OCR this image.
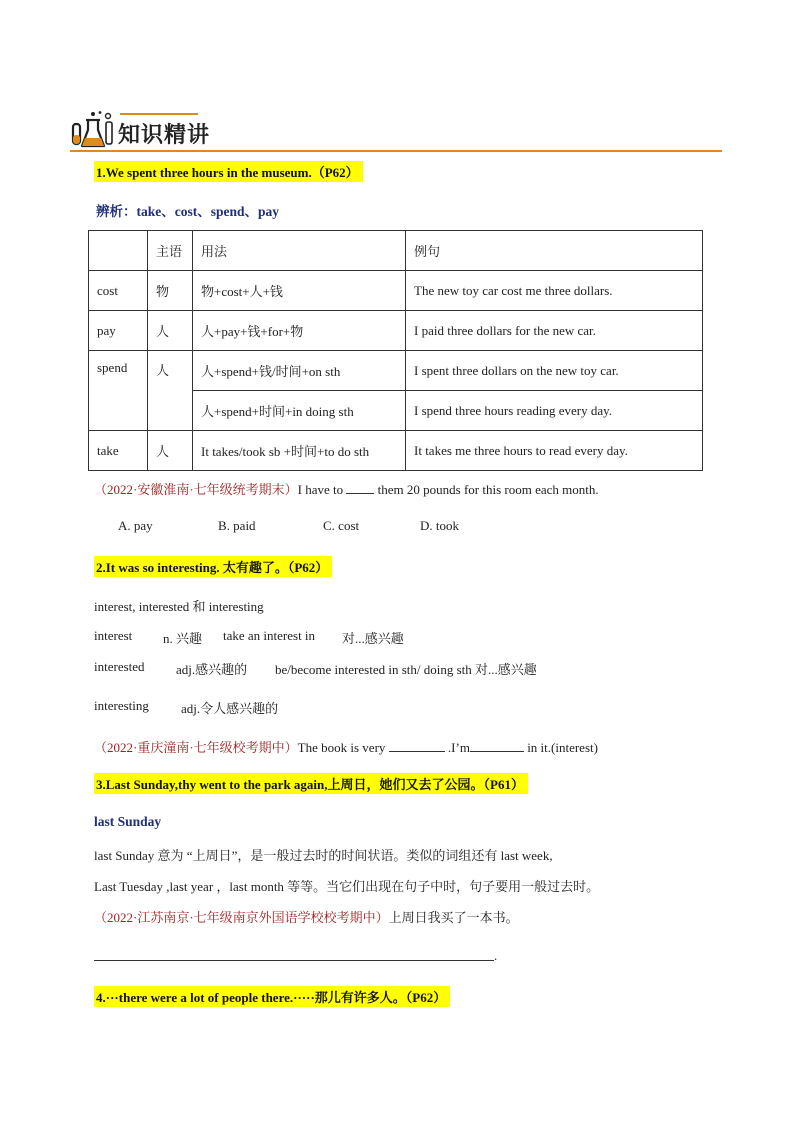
知识精讲
1.We spent three hours in the museum.（P62）
辨析：take、cost、spend、pay
	主语	用法	例句
cost	物	物+cost+人+钱	The new toy car cost me three dollars.
pay	人	人+pay+钱+for+物	I paid three dollars for the new car.
spend	人	人+spend+钱/时间+on sth	I spent three dollars on the new toy car.
		人+spend+时间+in doing sth	I spend three hours reading every day.
take	人	It takes/took sb +时间+to do sth	It takes me three hours to read every day.
（2022·安徽淮南·七年级统考期末）I have to	them 20 pounds for this room each month.
A. pay	B. paid	C. cost	D. took
2.It was so interesting. 太有趣了。（P62）
interest, interested 和 interesting
interest n. 兴趣 take an interest in 对...感兴趣
interested adj.感兴趣的 be/become interested in sth/ doing sth 对...感兴趣
interesting adj.令人感兴趣的
（2022·重庆潼南·七年级校考期中）The book is very	.I’m	in it.(interest)
3.Last Sunday,thy went to the park again,上周日，她们又去了公园。（P61）
last Sunday
last Sunday 意为 “上周日”，是一般过去时的时间状语。类似的词组还有 last week,
Last Tuesday ,last year ，last month 等等。当它们出现在句子中时，句子要用一般过去时。
（2022·江苏南京·七年级南京外国语学校校考期中）上周日我买了一本书。
.
4.···there were a lot of people there.·····那儿有许多人。（P62）
